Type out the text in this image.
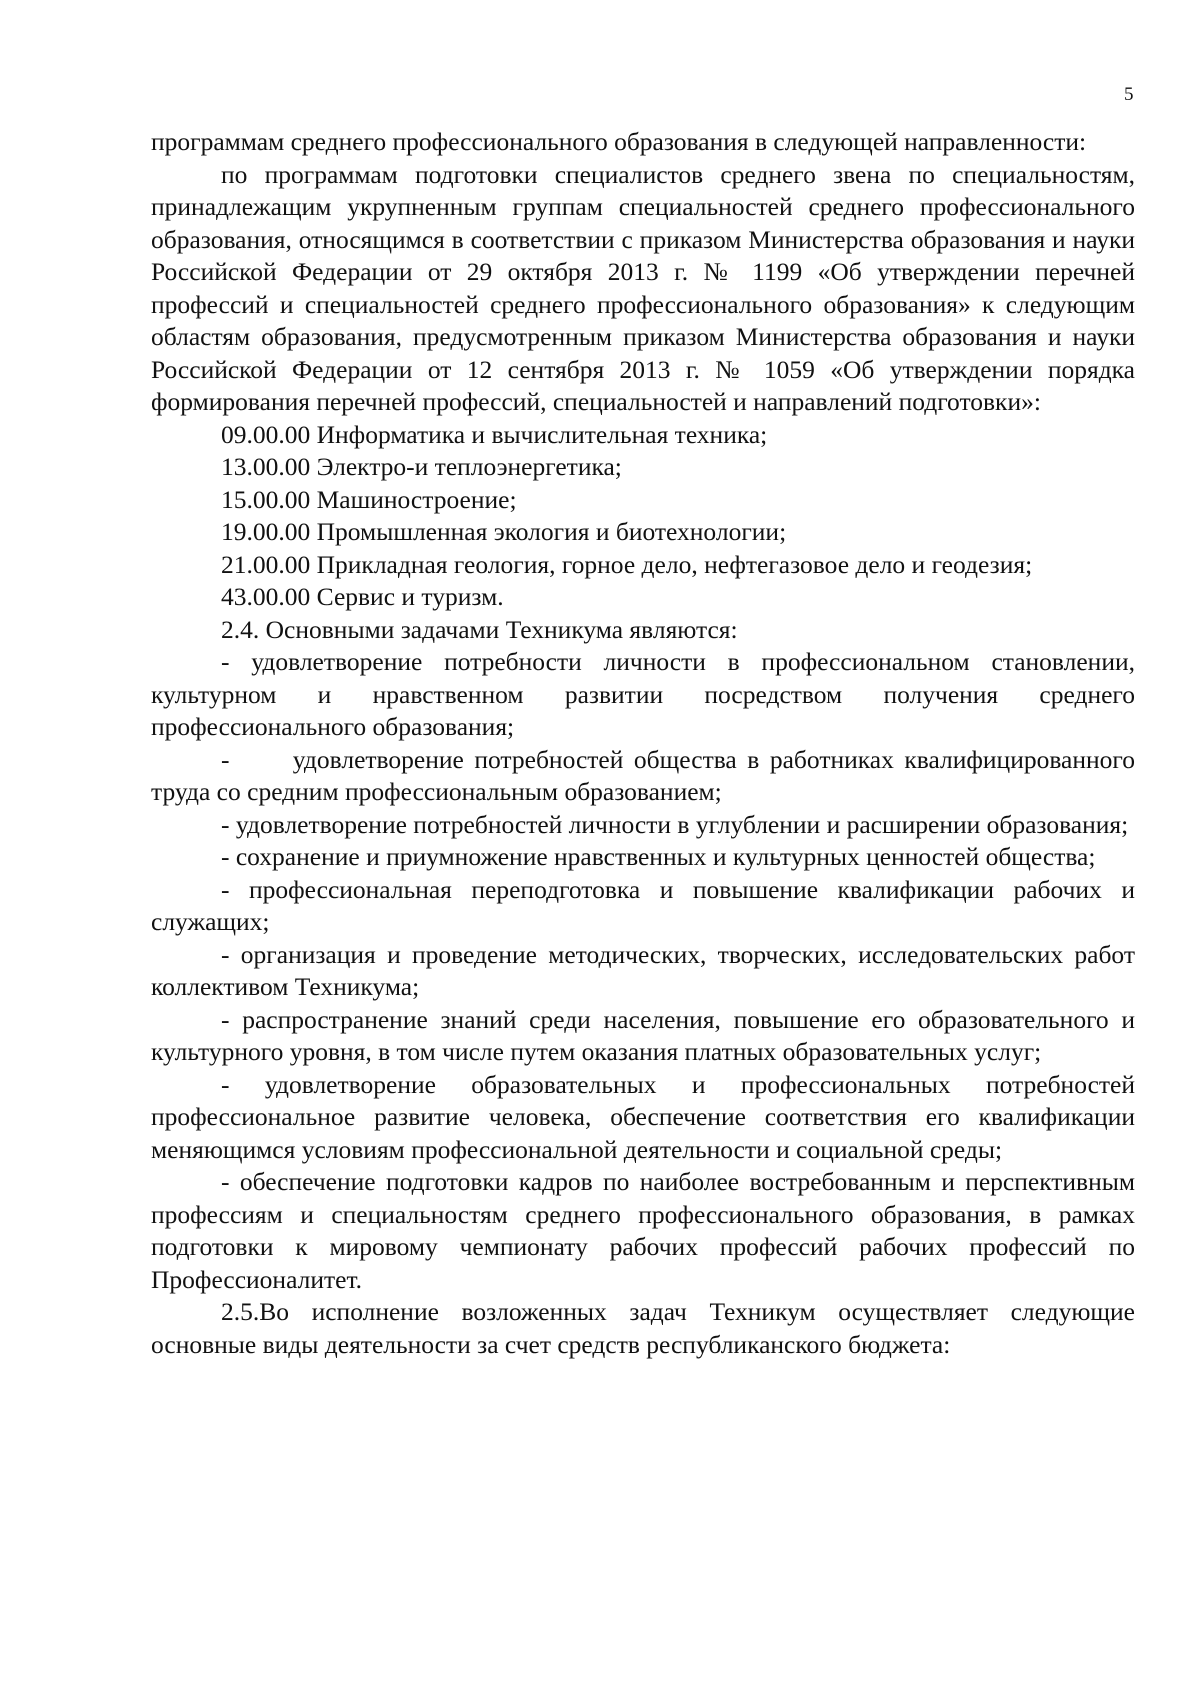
5

программам среднего профессионального образования в следующей направленности:

по программам подготовки специалистов среднего звена по специальностям, принадлежащим укрупненным группам специальностей среднего профессионального образования, относящимся в соответствии с приказом Министерства образования и науки Российской Федерации от 29 октября 2013 г. № 1199 «Об утверждении перечней профессий и специальностей среднего профессионального образования» к следующим областям образования, предусмотренным приказом Министерства образования и науки Российской Федерации от 12 сентября 2013 г. № 1059 «Об утверждении порядка формирования перечней профессий, специальностей и направлений подготовки»:

09.00.00 Информатика и вычислительная техника;

13.00.00 Электро-и теплоэнергетика;

15.00.00 Машиностроение;

19.00.00 Промышленная экология и биотехнологии;

21.00.00 Прикладная геология, горное дело, нефтегазовое дело и геодезия;

43.00.00 Сервис и туризм.

2.4. Основными задачами Техникума являются:

- удовлетворение потребности личности в профессиональном становлении, культурном и нравственном развитии посредством получения среднего профессионального образования;

-      удовлетворение потребностей общества в работниках квалифицированного труда со средним профессиональным образованием;

- удовлетворение потребностей личности в углублении и расширении образования;

- сохранение и приумножение нравственных и культурных ценностей общества;

- профессиональная переподготовка и повышение квалификации рабочих и служащих;

- организация и проведение методических, творческих, исследовательских работ коллективом Техникума;

- распространение знаний среди населения, повышение его образовательного и культурного уровня, в том числе путем оказания платных образовательных услуг;

- удовлетворение образовательных и профессиональных потребностей профессиональное развитие человека, обеспечение соответствия его квалификации меняющимся условиям профессиональной деятельности и социальной среды;

- обеспечение подготовки кадров по наиболее востребованным и перспективным профессиям и специальностям среднего профессионального образования, в рамках подготовки к мировому чемпионату рабочих профессий рабочих профессий по Профессионалитет.

2.5.Во исполнение возложенных задач Техникум осуществляет следующие основные виды деятельности за счет средств республиканского бюджета:
